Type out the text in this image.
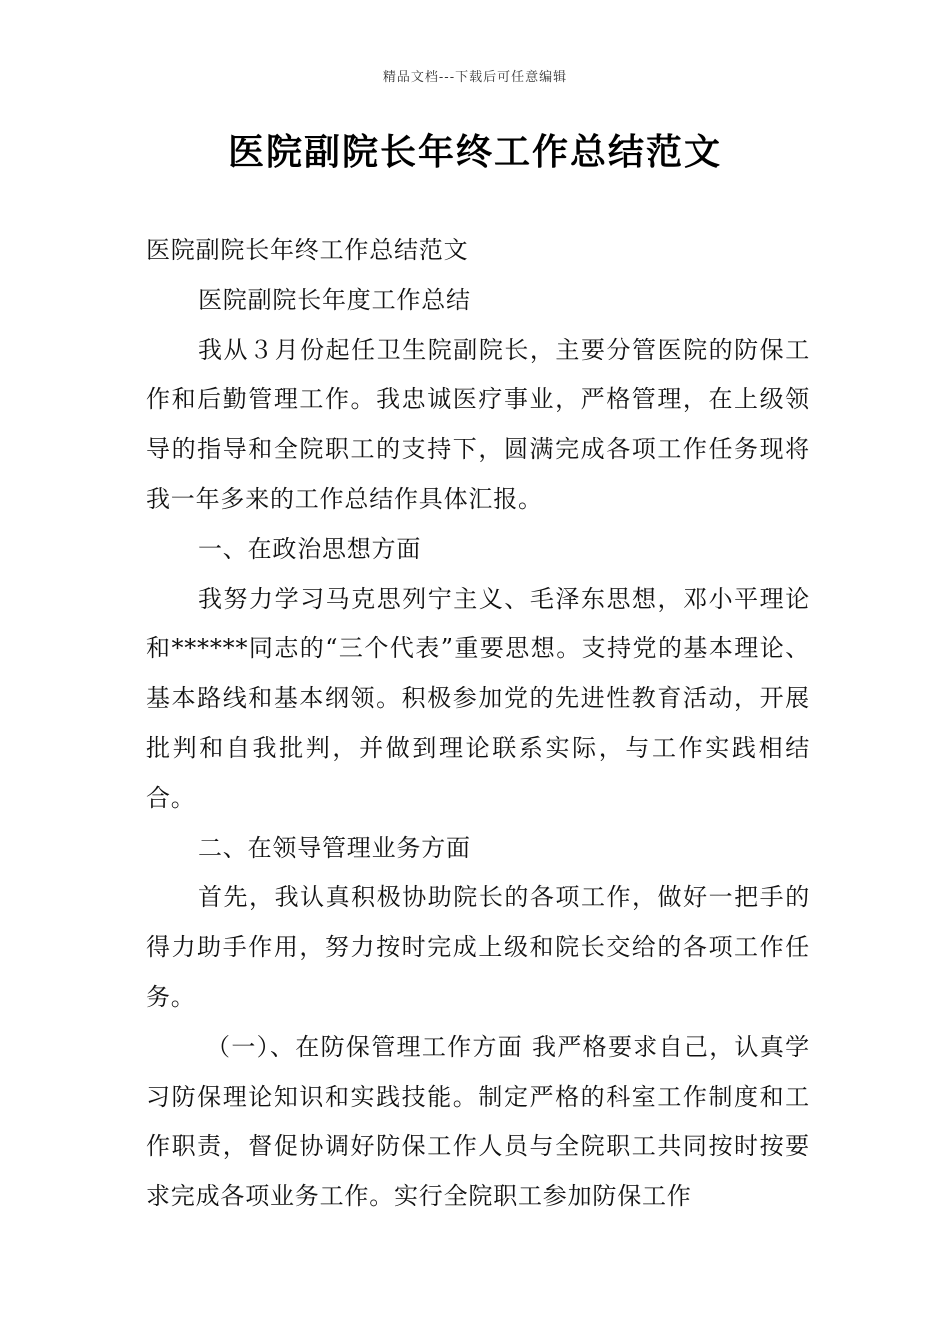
精品文档---下载后可任意编辑
医院副院长年终工作总结范文

医院副院长年终工作总结范文

医院副院长年度工作总结

我从３月份起任卫生院副院长，主要分管医院的防保工作和后勤管理工作。我忠诚医疗事业，严格管理，在上级领导的指导和全院职工的支持下，圆满完成各项工作任务现将我一年多来的工作总结作具体汇报。

一、在政治思想方面

我努力学习马克思列宁主义、毛泽东思想，邓小平理论和******同志的“三个代表”重要思想。支持党的基本理论、基本路线和基本纲领。积极参加党的先进性教育活动，开展批判和自我批判，并做到理论联系实际，与工作实践相结合。

二、在领导管理业务方面

首先，我认真积极协助院长的各项工作，做好一把手的得力助手作用，努力按时完成上级和院长交给的各项工作任务。

（一）、在防保管理工作方面 我严格要求自己，认真学习防保理论知识和实践技能。制定严格的科室工作制度和工作职责，督促协调好防保工作人员与全院职工共同按时按要求完成各项业务工作。实行全院职工参加防保工作
